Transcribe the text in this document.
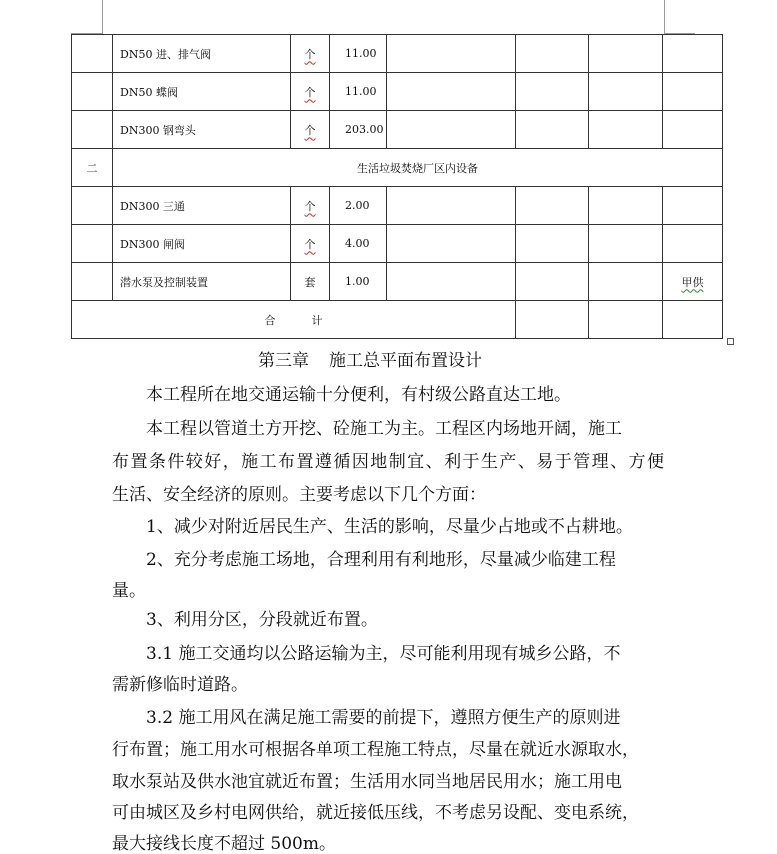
	DN50 进、排气阀	个	11.00				
	DN50 蝶阀	个	11.00				
	DN300 钢弯头	个	203.00				
二	生活垃圾焚烧厂区内设备						
	DN300 三通	个	2.00				
	DN300 闸阀	个	4.00				
	潜水泵及控制装置	套	1.00				甲供
合 计							
第三章 施工总平面布置设计
本工程所在地交通运输十分便利，有村级公路直达工地。
本工程以管道土方开挖、砼施工为主。工程区内场地开阔，施工
布置条件较好，施工布置遵循因地制宜、利于生产、易于管理、方便
生活、安全经济的原则。主要考虑以下几个方面：
1、减少对附近居民生产、生活的影响，尽量少占地或不占耕地。
2、充分考虑施工场地，合理利用有利地形，尽量减少临建工程
量。
3、利用分区，分段就近布置。
3.1 施工交通均以公路运输为主，尽可能利用现有城乡公路，不
需新修临时道路。
3.2 施工用风在满足施工需要的前提下，遵照方便生产的原则进
行布置；施工用水可根据各单项工程施工特点，尽量在就近水源取水，
取水泵站及供水池宜就近布置；生活用水同当地居民用水；施工用电
可由城区及乡村电网供给，就近接低压线，不考虑另设配、变电系统，
最大接线长度不超过 500m。
